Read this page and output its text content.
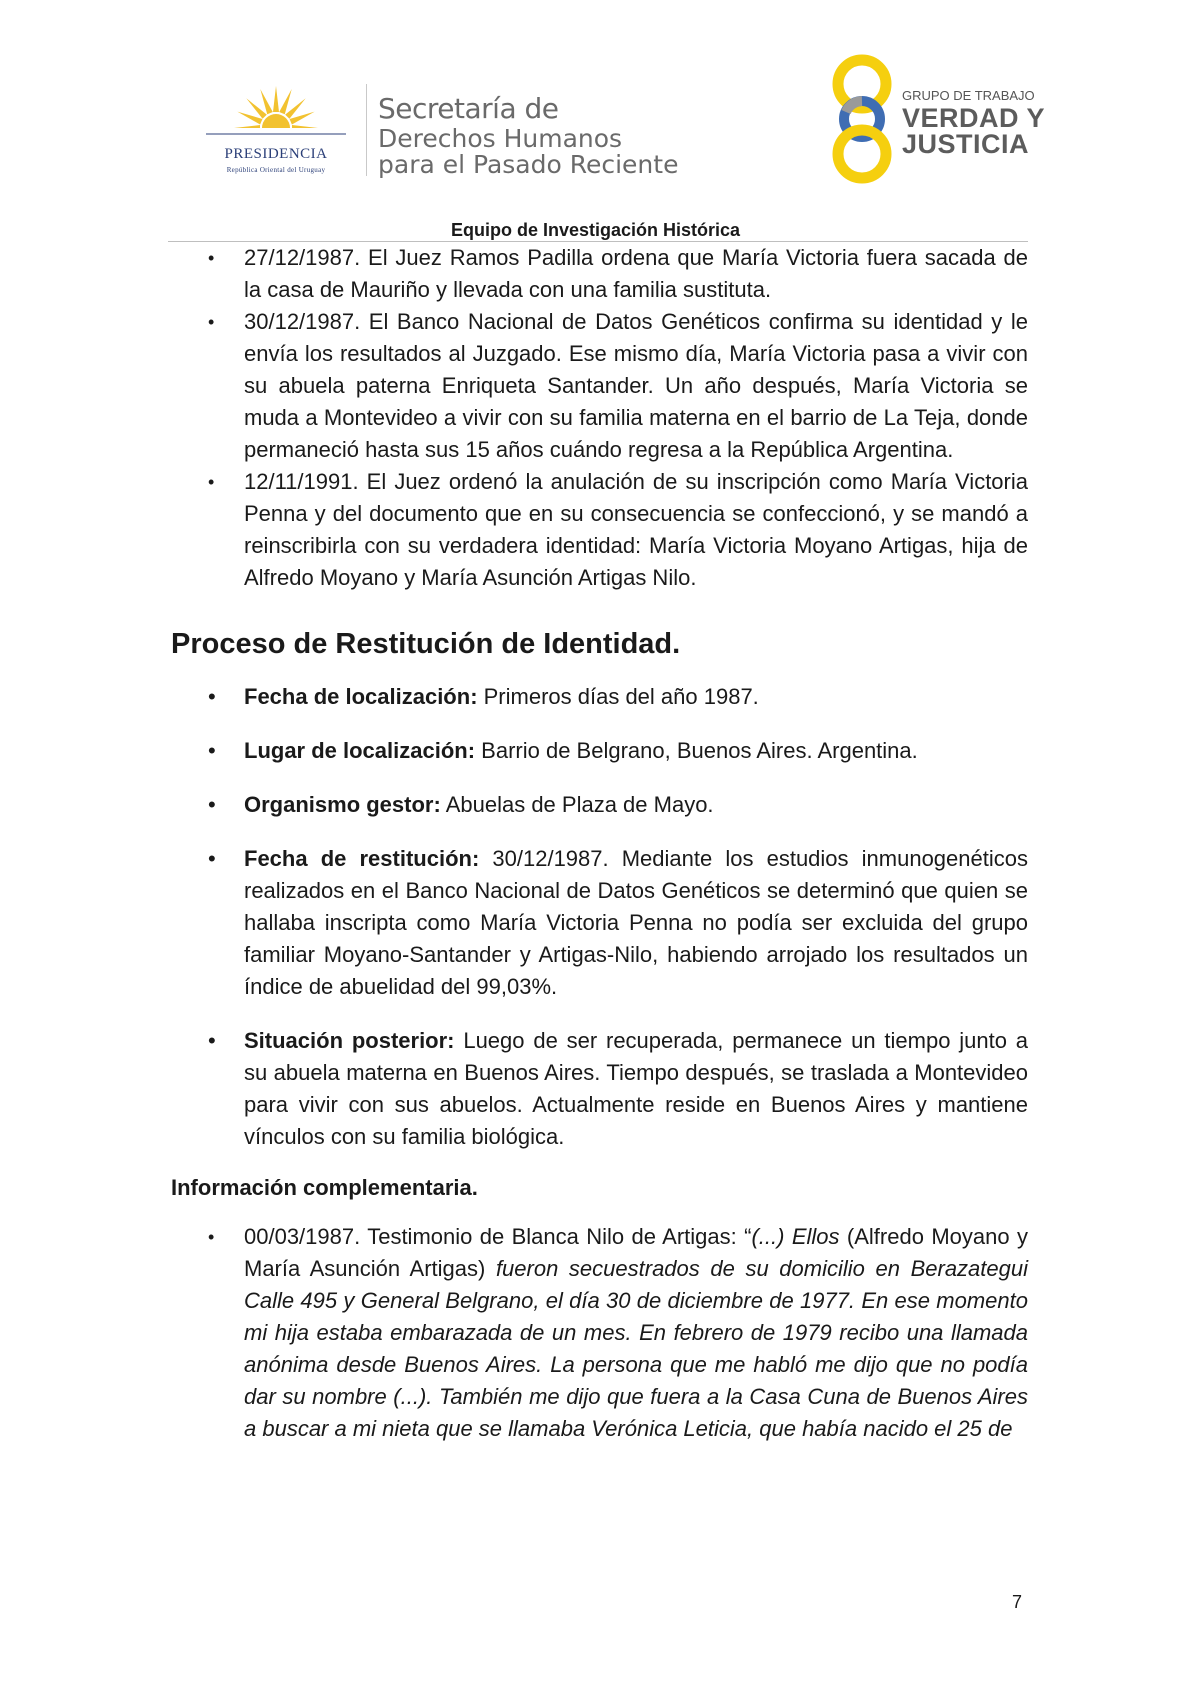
PRESIDENCIA
República Oriental del Uruguay
Secretaría de
Derechos Humanos
para el Pasado Reciente
GRUPO DE TRABAJO
VERDAD Y
JUSTICIA
Equipo de Investigación Histórica
• 27/12/1987. El Juez Ramos Padilla ordena que María Victoria fuera sacada de la casa de Mauriño y llevada con una familia sustituta.
• 30/12/1987. El Banco Nacional de Datos Genéticos confirma su identidad y le envía los resultados al Juzgado. Ese mismo día, María Victoria pasa a vivir con su abuela paterna Enriqueta Santander. Un año después, María Victoria se muda a Montevideo a vivir con su familia materna en el barrio de La Teja, donde permaneció hasta sus 15 años cuándo regresa a la República Argentina.
• 12/11/1991. El Juez ordenó la anulación de su inscripción como María Victoria Penna y del documento que en su consecuencia se confeccionó, y se mandó a reinscribirla con su verdadera identidad: María Victoria Moyano Artigas, hija de Alfredo Moyano y María Asunción Artigas Nilo.
Proceso de Restitución de Identidad.
• Fecha de localización: Primeros días del año 1987.
• Lugar de localización: Barrio de Belgrano, Buenos Aires. Argentina.
• Organismo gestor: Abuelas de Plaza de Mayo.
• Fecha de restitución: 30/12/1987. Mediante los estudios inmunogenéticos realizados en el Banco Nacional de Datos Genéticos se determinó que quien se hallaba inscripta como María Victoria Penna no podía ser excluida del grupo familiar Moyano-Santander y Artigas-Nilo, habiendo arrojado los resultados un índice de abuelidad del 99,03%.
• Situación posterior: Luego de ser recuperada, permanece un tiempo junto a su abuela materna en Buenos Aires. Tiempo después, se traslada a Montevideo para vivir con sus abuelos. Actualmente reside en Buenos Aires y mantiene vínculos con su familia biológica.
Información complementaria.
• 00/03/1987. Testimonio de Blanca Nilo de Artigas: “(...) Ellos (Alfredo Moyano y María Asunción Artigas) fueron secuestrados de su domicilio en Berazategui Calle 495 y General Belgrano, el día 30 de diciembre de 1977. En ese momento mi hija estaba embarazada de un mes. En febrero de 1979 recibo una llamada anónima desde Buenos Aires. La persona que me habló me dijo que no podía dar su nombre (...). También me dijo que fuera a la Casa Cuna de Buenos Aires a buscar a mi nieta que se llamaba Verónica Leticia, que había nacido el 25 de
7
